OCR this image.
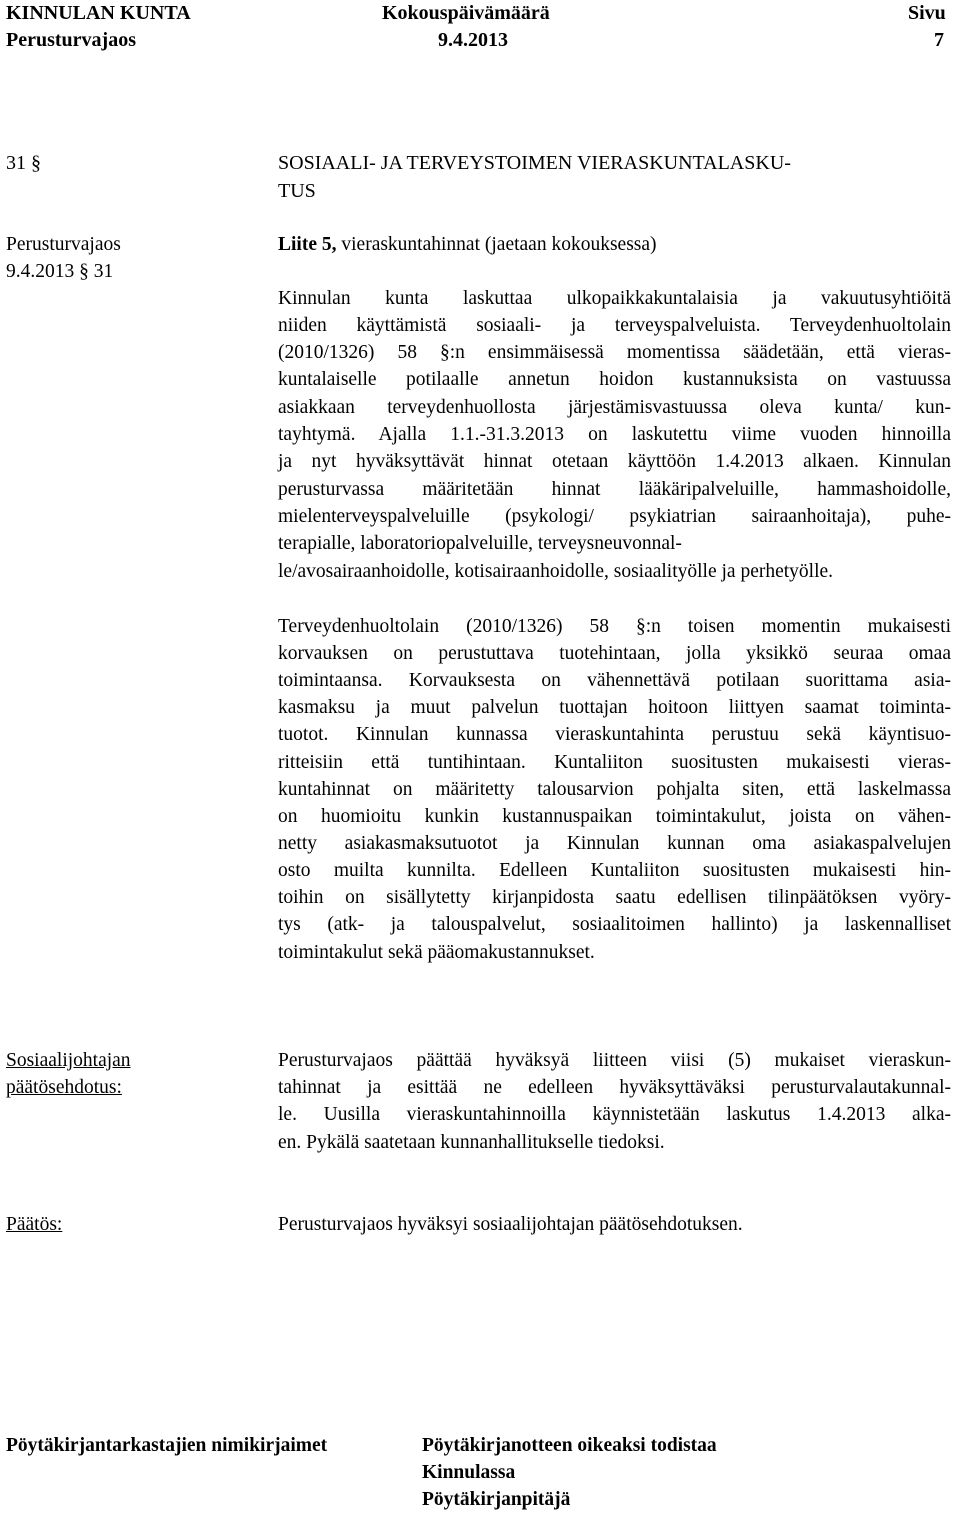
KINNULAN KUNTA
Perusturvajaos
Kokouspäivämäärä
9.4.2013
Sivu
7
31 §	SOSIAALI- JA TERVEYSTOIMEN VIERASKUNTALASKU-
TUS
Perusturvajaos
9.4.2013 § 31
Liite 5, vieraskuntahinnat (jaetaan kokouksessa)
Kinnulan kunta laskuttaa ulkopaikkakuntalaisia ja vakuutusyhtiöitä
niiden käyttämistä sosiaali- ja terveyspalveluista. Terveydenhuoltolain
(2010/1326) 58 §:n ensimmäisessä momentissa säädetään, että vieras-
kuntalaiselle potilaalle annetun hoidon kustannuksista on vastuussa
asiakkaan terveydenhuollosta järjestämisvastuussa oleva kunta/ kun-
tayhtymä. Ajalla 1.1.-31.3.2013 on laskutettu viime vuoden hinnoilla
ja nyt hyväksyttävät hinnat otetaan käyttöön 1.4.2013 alkaen. Kinnulan
perusturvassa määritetään hinnat lääkäripalveluille, hammashoidolle,
mielenterveyspalveluille (psykologi/ psykiatrian sairaanhoitaja), puhe-
terapialle, laboratoriopalveluille, terveysneuvonnal-
le/avosairaanhoidolle, kotisairaanhoidolle, sosiaalityölle ja perhetyölle.
Terveydenhuoltolain (2010/1326) 58 §:n toisen momentin mukaisesti
korvauksen on perustuttava tuotehintaan, jolla yksikkö seuraa omaa
toimintaansa. Korvauksesta on vähennettävä potilaan suorittama asia-
kasmaksu ja muut palvelun tuottajan hoitoon liittyen saamat toiminta-
tuotot. Kinnulan kunnassa vieraskuntahinta perustuu sekä käyntisuo-
ritteisiin että tuntihintaan. Kuntaliiton suositusten mukaisesti vieras-
kuntahinnat on määritetty talousarvion pohjalta siten, että laskelmassa
on huomioitu kunkin kustannuspaikan toimintakulut, joista on vähen-
netty asiakasmaksutuotot ja Kinnulan kunnan oma asiakaspalvelujen
osto muilta kunnilta. Edelleen Kuntaliiton suositusten mukaisesti hin-
toihin on sisällytetty kirjanpidosta saatu edellisen tilinpäätöksen vyöry-
tys (atk- ja talouspalvelut, sosiaalitoimen hallinto) ja laskennalliset
toimintakulut sekä pääomakustannukset.
Sosiaalijohtajan
päätösehdotus:
Perusturvajaos päättää hyväksyä liitteen viisi (5) mukaiset vieraskun-
tahinnat ja esittää ne edelleen hyväksyttäväksi perusturvalautakunnal-
le. Uusilla vieraskuntahinnoilla käynnistetään laskutus 1.4.2013 alka-
en. Pykälä saatetaan kunnanhallitukselle tiedoksi.
Päätös:	Perusturvajaos hyväksyi sosiaalijohtajan päätösehdotuksen.
Pöytäkirjantarkastajien nimikirjaimet	Pöytäkirjanotteen oikeaksi todistaa
Kinnulassa
Pöytäkirjanpitäjä
